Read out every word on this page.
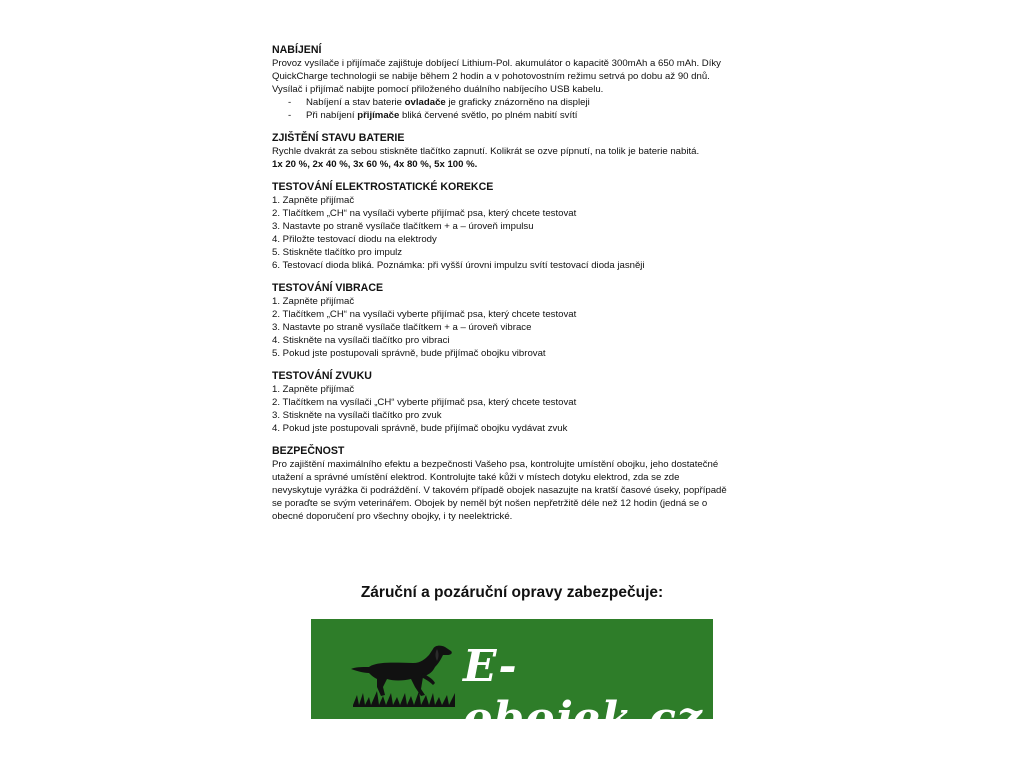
NABÍJENÍ
Provoz vysílače i přijímače zajištuje dobíjecí Lithium-Pol. akumulátor o kapacitě 300mAh a 650 mAh. Díky
QuickCharge technologii se nabije během 2 hodin a v pohotovostním režimu setrvá po dobu až 90 dnů.
Vysílač i přijímač nabijte pomocí přiloženého duálního nabíjecího USB kabelu.
- Nabíjení a stav baterie ovladače je graficky znázorněno na displeji
- Při nabíjení přijímače bliká červené světlo, po plném nabití svítí
ZJIŠTĚNÍ STAVU BATERIE
Rychle dvakrát za sebou stiskněte tlačítko zapnutí. Kolikrát se ozve pípnutí, na tolik je baterie nabitá.
1x 20 %, 2x 40 %, 3x 60 %, 4x 80 %, 5x 100 %.
TESTOVÁNÍ ELEKTROSTATICKÉ KOREKCE
1. Zapněte přijímač
2. Tlačítkem „CH“ na vysílači vyberte přijímač psa, který chcete testovat
3. Nastavte po straně vysílače tlačítkem + a – úroveň impulsu
4. Přiložte testovací diodu na elektrody
5. Stiskněte tlačítko pro impulz
6. Testovací dioda bliká. Poznámka: při vyšší úrovni impulzu svítí testovací dioda jasněji
TESTOVÁNÍ VIBRACE
1. Zapněte přijímač
2. Tlačítkem „CH“ na vysílači vyberte přijímač psa, který chcete testovat
3. Nastavte po straně vysílače tlačítkem + a – úroveň vibrace
4. Stiskněte na vysílači tlačítko pro vibraci
5. Pokud jste postupovali správně, bude přijímač obojku vibrovat
TESTOVÁNÍ ZVUKU
1. Zapněte přijímač
2. Tlačítkem na vysílači „CH“ vyberte přijímač psa, který chcete testovat
3. Stiskněte na vysílači tlačítko pro zvuk
4. Pokud jste postupovali správně, bude přijímač obojku vydávat zvuk
BEZPEČNOST
Pro zajištění maximálního efektu a bezpečnosti Vašeho psa, kontrolujte umístění obojku, jeho dostatečné
utažení a správné umístění elektrod. Kontrolujte také kůži v místech dotyku elektrod, zda se zde
nevyskytuje vyrážka či podráždění. V takovém případě obojek nasazujte na kratší časové úseky, popřípadě
se poraďte se svým veterinářem. Obojek by neměl být nošen nepřetržitě déle než 12 hodin (jedná se o
obecné doporučení pro všechny obojky, i ty neelektrické.
Záruční a pozáruční opravy zabezpečuje:
E-obojek.cz
